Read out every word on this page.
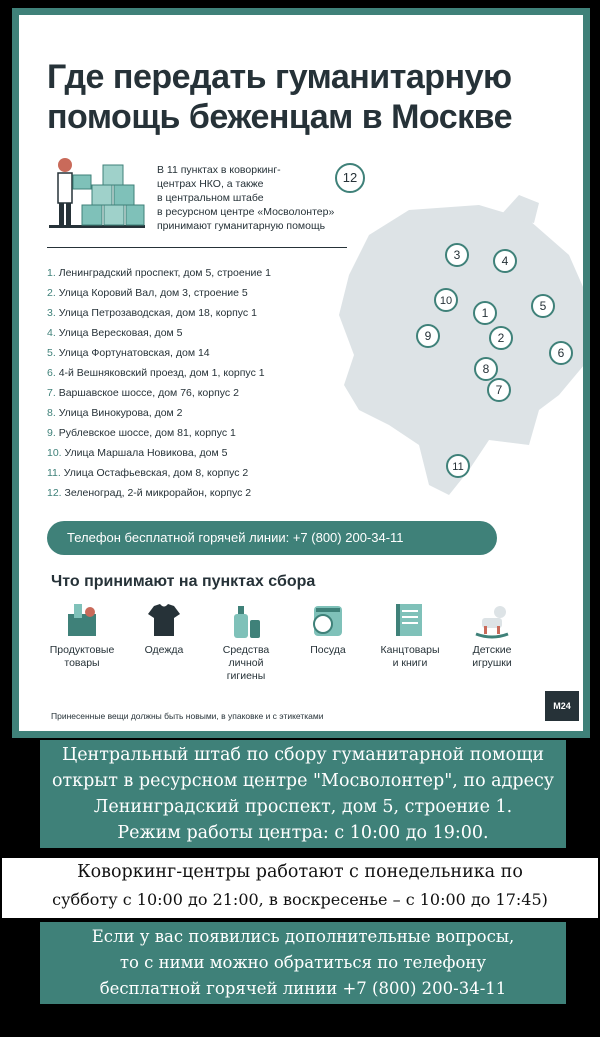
Где передать гуманитарную
помощь беженцам в Москве
В 11 пунктах в коворкинг-
центрах НКО, а также
в центральном штабе
в ресурсном центре «Мосволонтер»
принимают гуманитарную помощь
12
1. Ленинградский проспект, дом 5, строение 1
2. Улица Коровий Вал, дом 3, строение 5
3. Улица Петрозаводская, дом 18, корпус 1
4. Улица Вересковая, дом 5
5. Улица Фортунатовская, дом 14
6. 4-й Вешняковский проезд, дом 1, корпус 1
7. Варшавское шоссе, дом 76, корпус 2
8. Улица Винокурова, дом 2
9. Рублевское шоссе, дом 81, корпус 1
10. Улица Маршала Новикова, дом 5
11. Улица Остафьевская, дом 8, корпус 2
12. Зеленоград, 2-й микрорайон, корпус 2
1
2
3	4
5
6
7
8
9
10
11
Телефон бесплатной горячей линии: +7 (800) 200-34-11
Что принимают на пунктах сбора
Продуктовые
товары
Одежда	Средства
личной
гигиены
Посуда	Канцтовары
и книги
Детские
игрушки
Принесенные вещи должны быть новыми, в упаковке и с этикетками
M24
Центральный штаб по сбору гуманитарной помощи
открыт в ресурсном центре "Мосволонтер", по адресу
Ленинградский проспект, дом 5, строение 1.
Режим работы центра: с 10:00 до 19:00.
Коворкинг-центры работают с понедельника по
субботу с 10:00 до 21:00, в воскресенье – с 10:00 до 17:45)
Если у вас появились дополнительные вопросы,
то с ними можно обратиться по телефону
бесплатной горячей линии +7 (800) 200-34-11
